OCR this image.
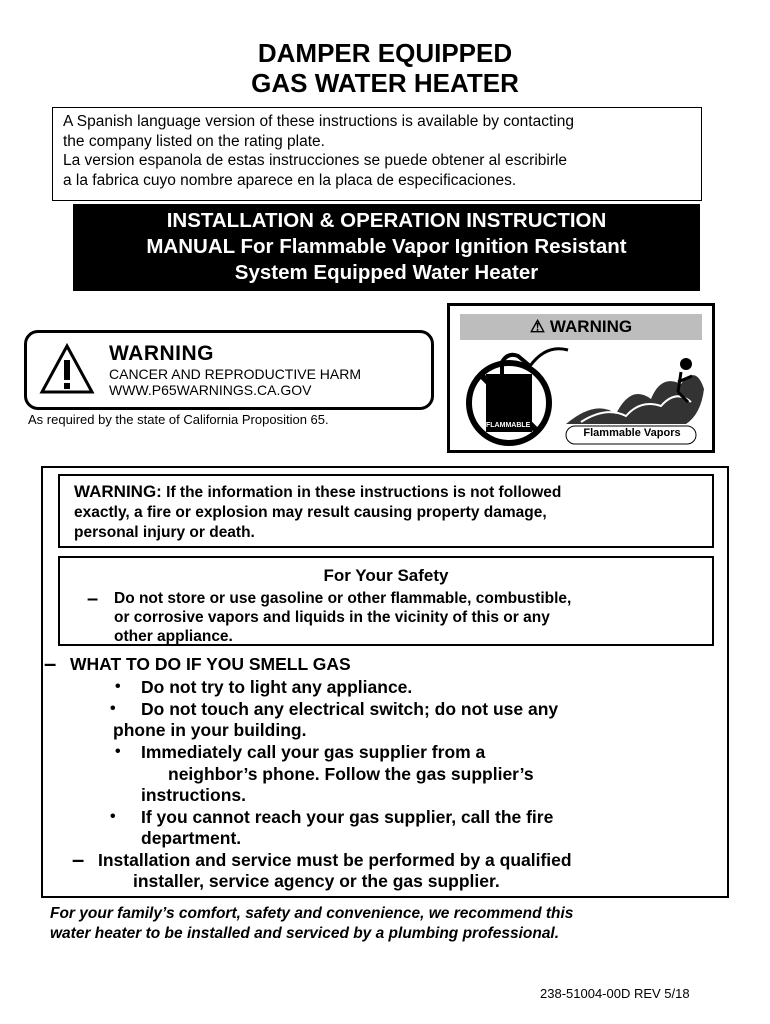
DAMPER EQUIPPED
GAS WATER HEATER
A Spanish language version of these instructions is available by contacting
the company listed on the rating plate.
La version espanola de estas instrucciones se puede obtener al escribirle
a la fabrica cuyo nombre aparece en la placa de especificaciones.
INSTALLATION & OPERATION INSTRUCTION
MANUAL For Flammable Vapor Ignition Resistant
System Equipped Water Heater
WARNING
CANCER AND REPRODUCTIVE HARM
WWW.P65WARNINGS.CA.GOV
As required by the state of California Proposition 65.
⚠ WARNING
FLAMMABLE
Flammable Vapors
WARNING: If the information in these instructions is not followed
exactly, a fire or explosion may result causing property damage,
personal injury or death.
For Your Safety
– Do not store or use gasoline or other flammable, combustible,
or corrosive vapors and liquids in the vicinity of this or any
other appliance.
– WHAT TO DO IF YOU SMELL GAS
• Do not try to light any appliance.
• Do not touch any electrical switch; do not use any
phone in your building.
• Immediately call your gas supplier from a
neighbor’s phone. Follow the gas supplier’s
instructions.
• If you cannot reach your gas supplier, call the fire
department.
– Installation and service must be performed by a qualified
installer, service agency or the gas supplier.
For your family’s comfort, safety and convenience, we recommend this
water heater to be installed and serviced by a plumbing professional.
238-51004-00D REV 5/18
